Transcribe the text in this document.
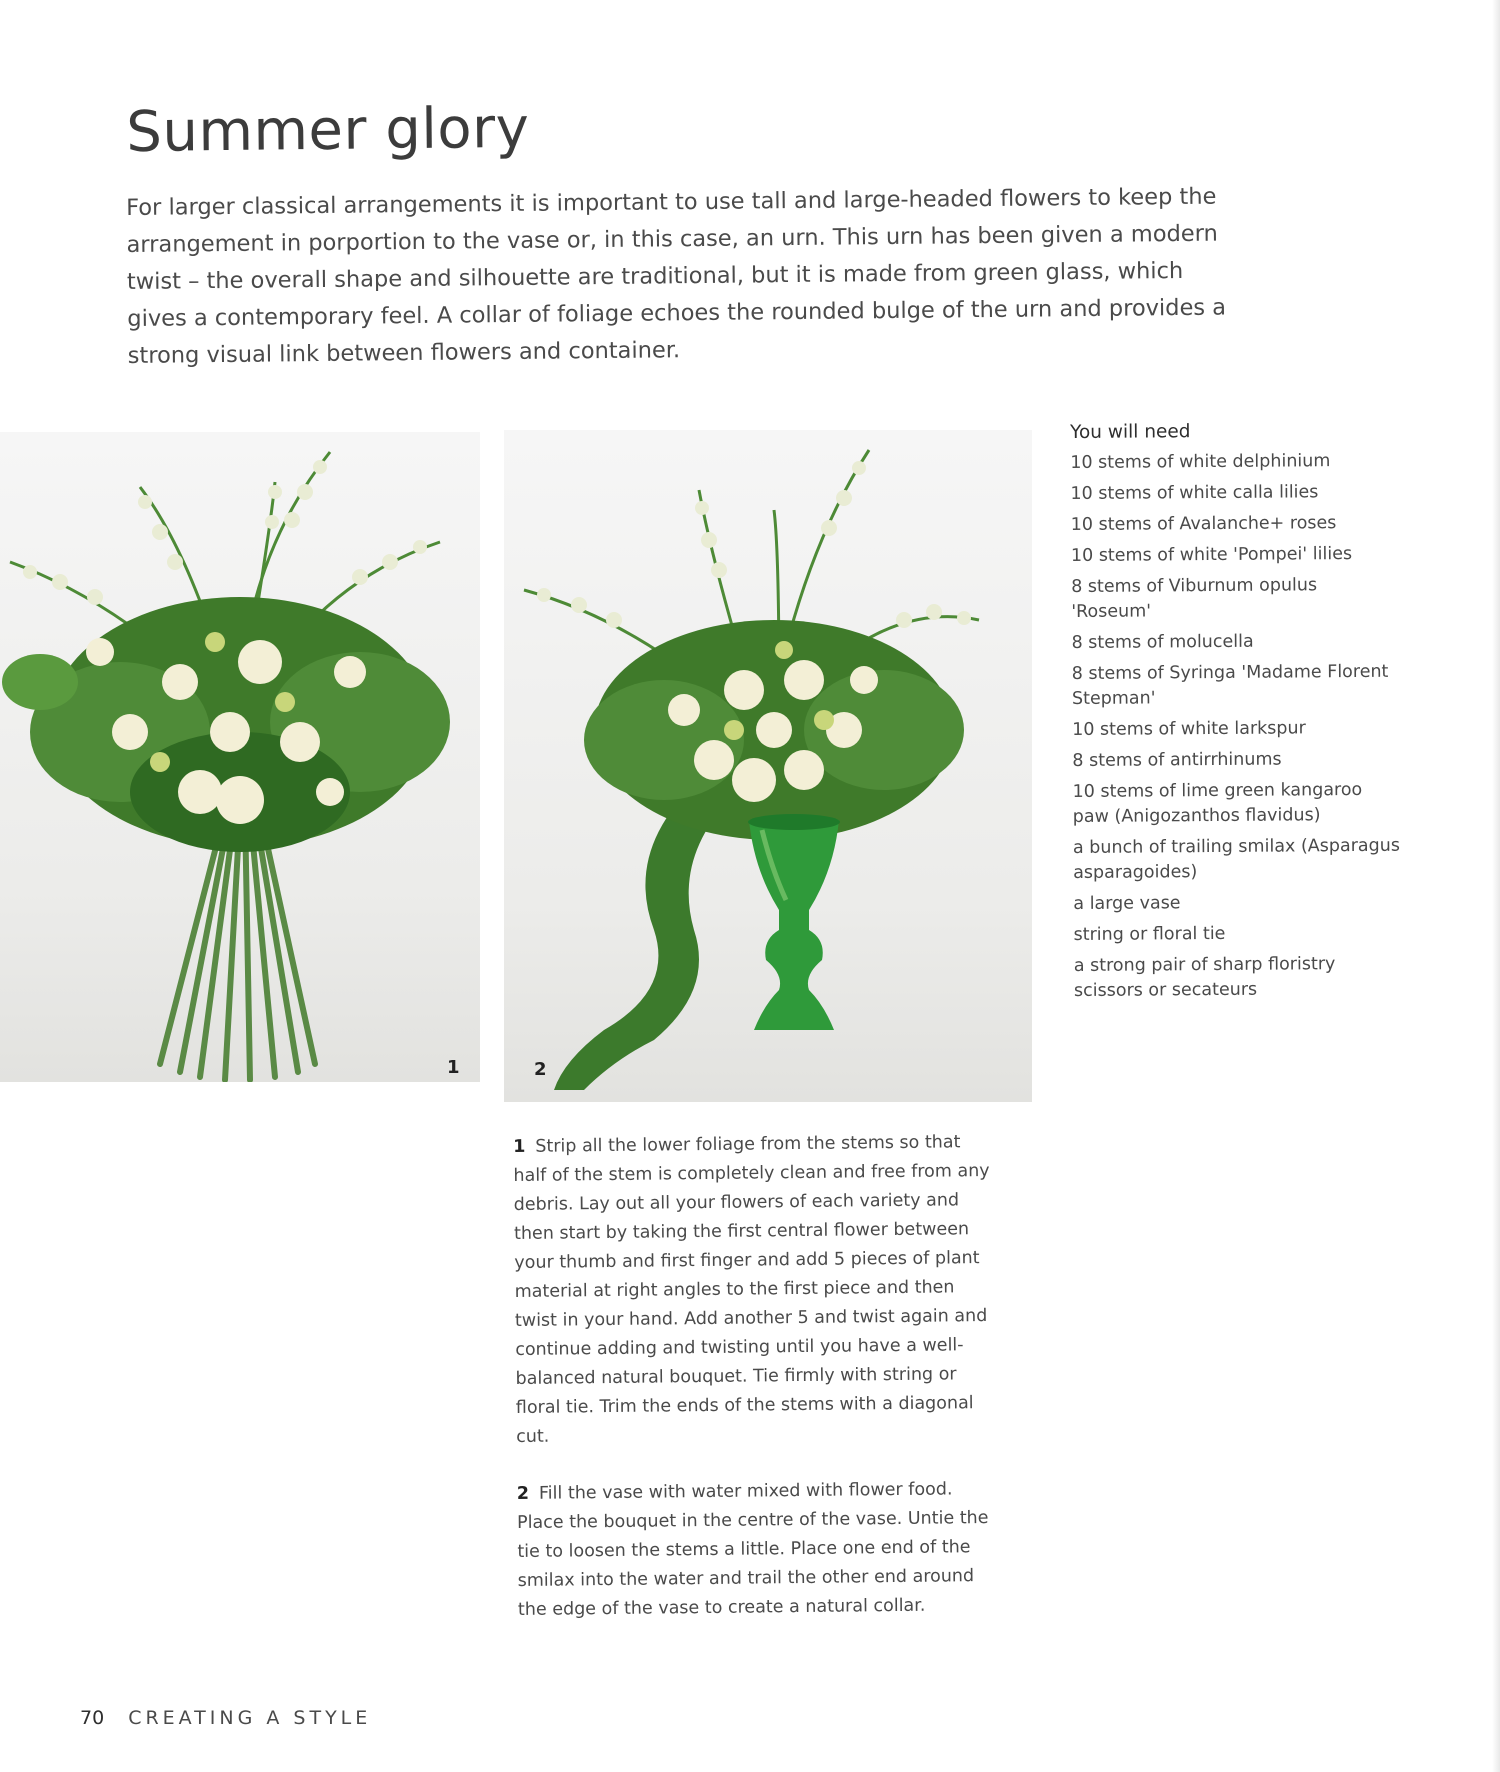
Summer glory

For larger classical arrangements it is important to use tall and large-headed flowers to keep the arrangement in porportion to the vase or, in this case, an urn. This urn has been given a modern twist – the overall shape and silhouette are traditional, but it is made from green glass, which gives a contemporary feel. A collar of foliage echoes the rounded bulge of the urn and provides a strong visual link between flowers and container.

1	2
You will need
10 stems of white delphinium
10 stems of white calla lilies
10 stems of Avalanche+ roses
10 stems of white 'Pompei' lilies
8 stems of Viburnum opulus 'Roseum'
8 stems of molucella
8 stems of Syringa 'Madame Florent Stepman'
10 stems of white larkspur
8 stems of antirrhinums
10 stems of lime green kangaroo paw (Anigozanthos flavidus)
a bunch of trailing smilax (Asparagus asparagoides)
a large vase
string or floral tie
a strong pair of sharp floristry scissors or secateurs

1 Strip all the lower foliage from the stems so that half of the stem is completely clean and free from any debris. Lay out all your flowers of each variety and then start by taking the first central flower between your thumb and first finger and add 5 pieces of plant material at right angles to the first piece and then twist in your hand. Add another 5 and twist again and continue adding and twisting until you have a well-balanced natural bouquet. Tie firmly with string or floral tie. Trim the ends of the stems with a diagonal cut.

2 Fill the vase with water mixed with flower food. Place the bouquet in the centre of the vase. Untie the tie to loosen the stems a little. Place one end of the smilax into the water and trail the other end around the edge of the vase to create a natural collar.

70 CREATING A STYLE
